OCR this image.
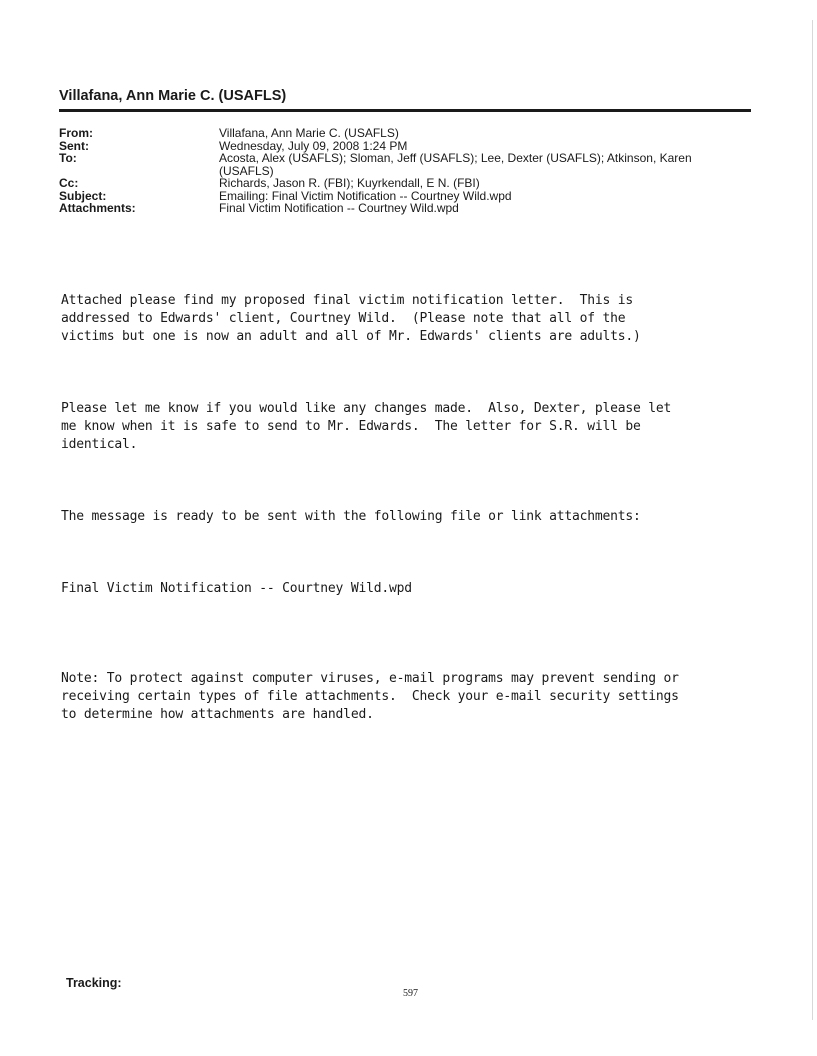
Villafana, Ann Marie C. (USAFLS)
From:	Villafana, Ann Marie C. (USAFLS)
Sent:	Wednesday, July 09, 2008 1:24 PM
To:	Acosta, Alex (USAFLS); Sloman, Jeff (USAFLS); Lee, Dexter (USAFLS); Atkinson, Karen (USAFLS)
Cc:	Richards, Jason R. (FBI); Kuyrkendall, E N. (FBI)
Subject:	Emailing: Final Victim Notification -- Courtney Wild.wpd
Attachments:	Final Victim Notification -- Courtney Wild.wpd

Attached please find my proposed final victim notification letter.  This is
addressed to Edwards' client, Courtney Wild.  (Please note that all of the
victims but one is now an adult and all of Mr. Edwards' clients are adults.)

Please let me know if you would like any changes made.  Also, Dexter, please let
me know when it is safe to send to Mr. Edwards.  The letter for S.R. will be
identical.

The message is ready to be sent with the following file or link attachments:

Final Victim Notification -- Courtney Wild.wpd

Note: To protect against computer viruses, e-mail programs may prevent sending or
receiving certain types of file attachments.  Check your e-mail security settings
to determine how attachments are handled.

Tracking:
597
